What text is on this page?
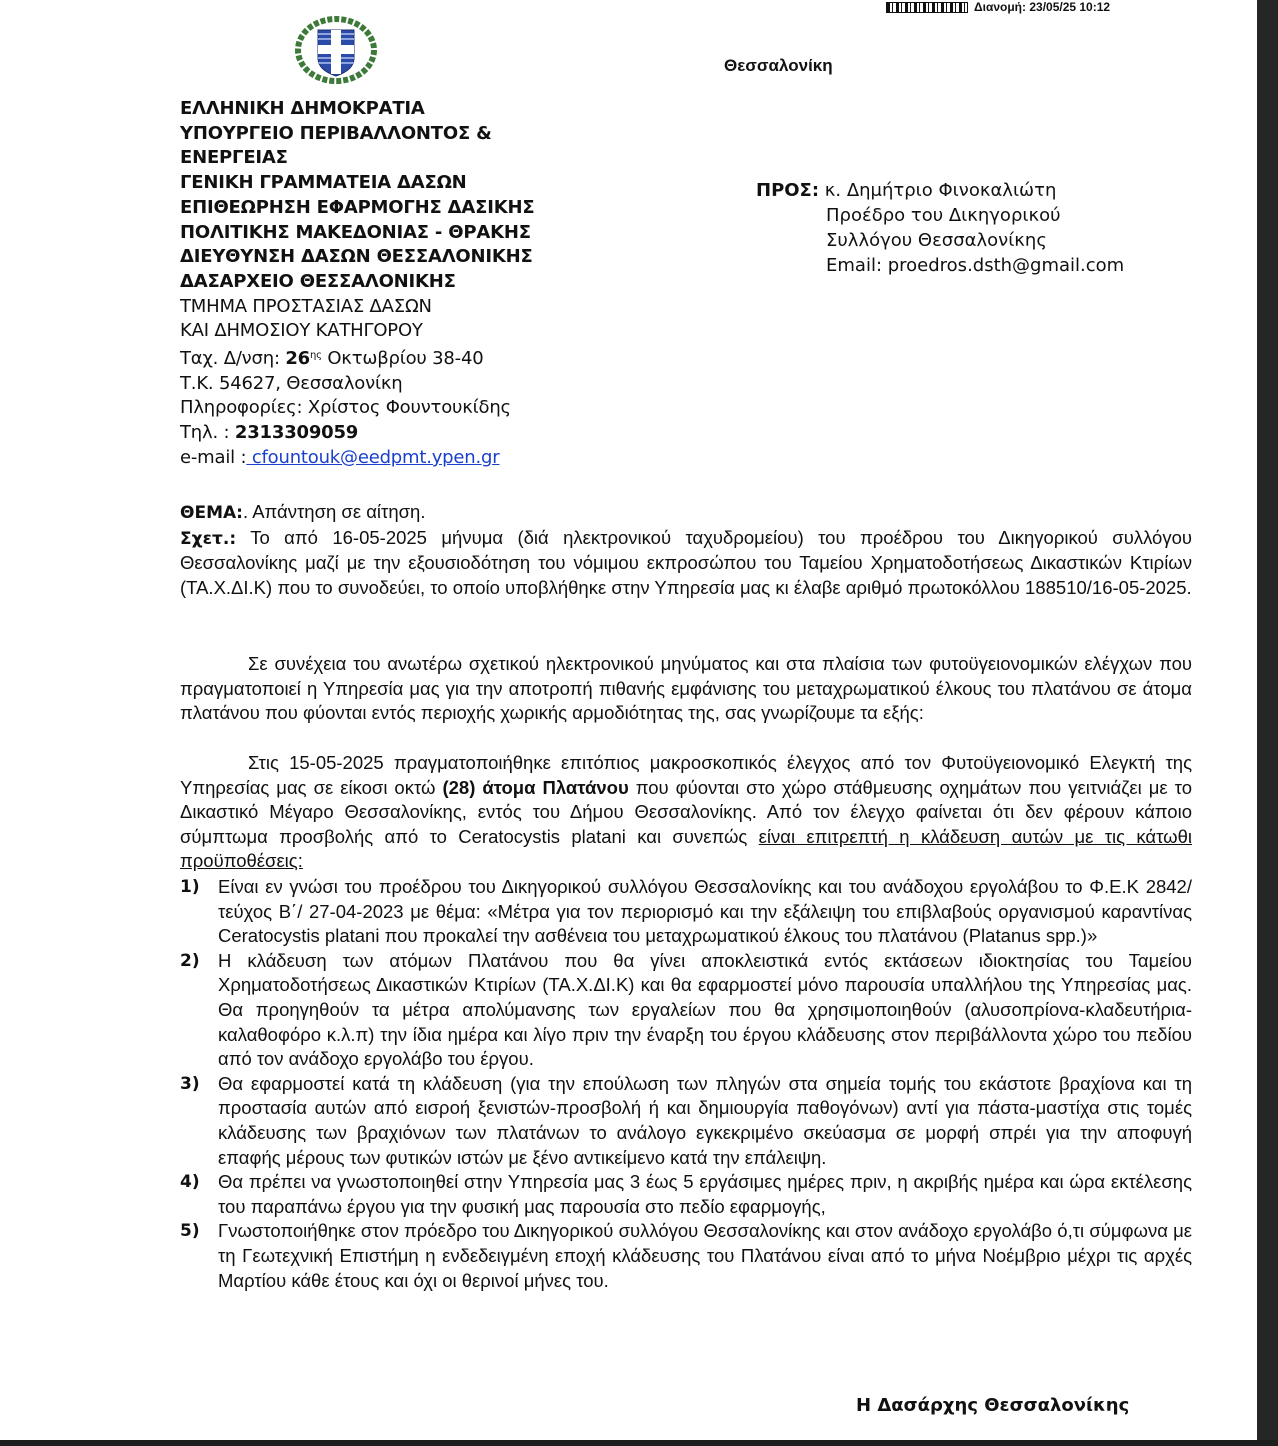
Διανομή: 23/05/25 10:12
Θεσσαλονίκη
ΕΛΛΗΝΙΚΗ ΔΗΜΟΚΡΑΤΙΑ
ΥΠΟΥΡΓΕΙΟ ΠΕΡΙΒΑΛΛΟΝΤΟΣ &
ΕΝΕΡΓΕΙΑΣ
ΓΕΝΙΚΗ ΓΡΑΜΜΑΤΕΙΑ ΔΑΣΩΝ
ΕΠΙΘΕΩΡΗΣΗ ΕΦΑΡΜΟΓΗΣ ΔΑΣΙΚΗΣ
ΠΟΛΙΤΙΚΗΣ ΜΑΚΕΔΟΝΙΑΣ - ΘΡΑΚΗΣ
ΔΙΕΥΘΥΝΣΗ ΔΑΣΩΝ ΘΕΣΣΑΛΟΝΙΚΗΣ
ΔΑΣΑΡΧΕΙΟ ΘΕΣΣΑΛΟΝΙΚΗΣ
ΤΜΗΜΑ ΠΡΟΣΤΑΣΙΑΣ ΔΑΣΩΝ
ΚΑΙ ΔΗΜΟΣΙΟΥ ΚΑΤΗΓΟΡΟΥ
Ταχ. Δ/νση: $26^{\eta\varsigma}$ Οκτωβρίου 38-40
Τ.Κ. 54627, Θεσσαλονίκη
Πληροφορίες: Χρίστος Φουντουκίδης
Τηλ. : 2313309059
e-mail : cfountouk@eedpmt.ypen.gr
ΠΡΟΣ: κ. Δημήτριο Φινοκαλιώτη
Προέδρο του Δικηγορικού
Συλλόγου Θεσσαλονίκης
Email: proedros.dsth@gmail.com
ΘΕΜΑ:. Απάντηση σε αίτηση.
Σχετ.: Το από 16-05-2025 μήνυμα (διά ηλεκτρονικού ταχυδρομείου) του προέδρου του Δικηγορικού συλλόγου Θεσσαλονίκης μαζί με την εξουσιοδότηση του νόμιμου εκπροσώπου του Ταμείου Χρηματοδοτήσεως Δικαστικών Κτιρίων (ΤΑ.Χ.ΔΙ.Κ) που το συνοδεύει, το οποίο υποβλήθηκε στην Υπηρεσία μας κι έλαβε αριθμό πρωτοκόλλου 188510/16-05-2025.
Σε συνέχεια του ανωτέρω σχετικού ηλεκτρονικού μηνύματος και στα πλαίσια των φυτοϋγειονομικών ελέγχων που πραγματοποιεί η Υπηρεσία μας για την αποτροπή πιθανής εμφάνισης του μεταχρωματικού έλκους του πλατάνου σε άτομα πλατάνου που φύονται εντός περιοχής χωρικής αρμοδιότητας της, σας γνωρίζουμε τα εξής:
Στις 15-05-2025 πραγματοποιήθηκε επιτόπιος μακροσκοπικός έλεγχος από τον Φυτοϋγειονομικό Ελεγκτή της Υπηρεσίας μας σε είκοσι οκτώ (28) άτομα Πλατάνου που φύονται στο χώρο στάθμευσης οχημάτων που γειτνιάζει με το Δικαστικό Μέγαρο Θεσσαλονίκης, εντός του Δήμου Θεσσαλονίκης. Από τον έλεγχο φαίνεται ότι δεν φέρουν κάποιο σύμπτωμα προσβολής από το Ceratocystis platani και συνεπώς είναι επιτρεπτή η κλάδευση αυτών με τις κάτωθι προϋποθέσεις:
1) Είναι εν γνώσι του προέδρου του Δικηγορικού συλλόγου Θεσσαλονίκης και του ανάδοχου εργολάβου το Φ.Ε.Κ 2842/τεύχος Β΄/ 27-04-2023 με θέμα: «Μέτρα για τον περιορισμό και την εξάλειψη του επιβλαβούς οργανισμού καραντίνας Ceratocystis platani που προκαλεί την ασθένεια του μεταχρωματικού έλκους του πλατάνου (Platanus spp.)»
2) Η κλάδευση των ατόμων Πλατάνου που θα γίνει αποκλειστικά εντός εκτάσεων ιδιοκτησίας του Ταμείου Χρηματοδοτήσεως Δικαστικών Κτιρίων (ΤΑ.Χ.ΔΙ.Κ) και θα εφαρμοστεί μόνο παρουσία υπαλλήλου της Υπηρεσίας μας. Θα προηγηθούν τα μέτρα απολύμανσης των εργαλείων που θα χρησιμοποιηθούν (αλυσοπρίονα-κλαδευτήρια-καλαθοφόρο κ.λ.π) την ίδια ημέρα και λίγο πριν την έναρξη του έργου κλάδευσης στον περιβάλλοντα χώρο του πεδίου από τον ανάδοχο εργολάβο του έργου.
3) Θα εφαρμοστεί κατά τη κλάδευση (για την επούλωση των πληγών στα σημεία τομής του εκάστοτε βραχίονα και τη προστασία αυτών από εισροή ξενιστών-προσβολή ή και δημιουργία παθογόνων) αντί για πάστα-μαστίχα στις τομές κλάδευσης των βραχιόνων των πλατάνων το ανάλογο εγκεκριμένο σκεύασμα σε μορφή σπρέι για την αποφυγή επαφής μέρους των φυτικών ιστών με ξένο αντικείμενο κατά την επάλειψη.
4) Θα πρέπει να γνωστοποιηθεί στην Υπηρεσία μας 3 έως 5 εργάσιμες ημέρες πριν, η ακριβής ημέρα και ώρα εκτέλεσης του παραπάνω έργου για την φυσική μας παρουσία στο πεδίο εφαρμογής,
5) Γνωστοποιήθηκε στον πρόεδρο του Δικηγορικού συλλόγου Θεσσαλονίκης και στον ανάδοχο εργολάβο ό,τι σύμφωνα με τη Γεωτεχνική Επιστήμη η ενδεδειγμένη εποχή κλάδευσης του Πλατάνου είναι από το μήνα Νοέμβριο μέχρι τις αρχές Μαρτίου κάθε έτους και όχι οι θερινοί μήνες του.
Η Δασάρχης Θεσσαλονίκης
